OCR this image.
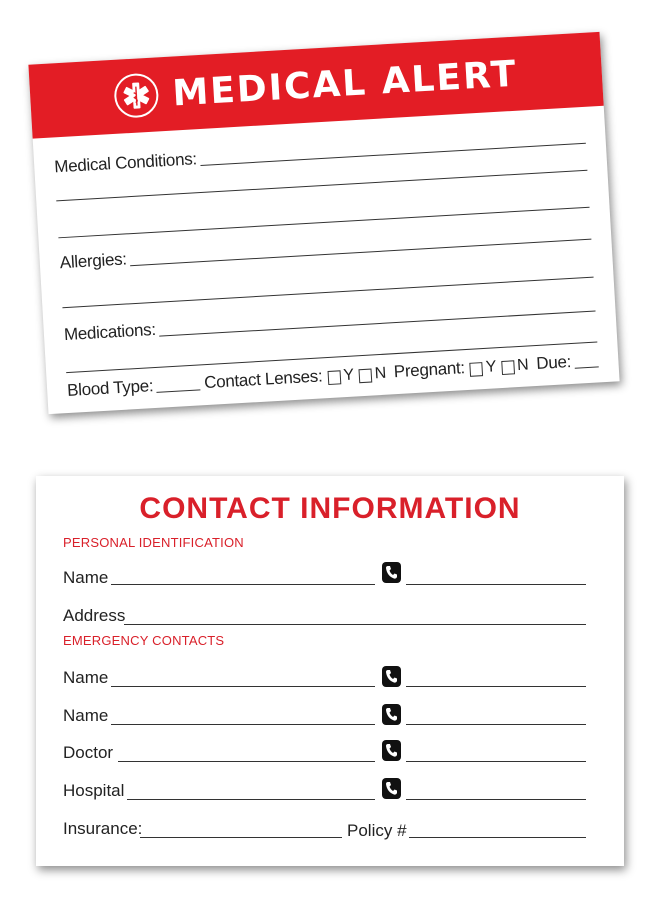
MEDICAL ALERT
Medical Conditions:
Allergies:
Medications:
Blood Type:	Contact Lenses: Y N Pregnant: Y N Due:
CONTACT INFORMATION
PERSONAL IDENTIFICATION
Name
Address
EMERGENCY CONTACTS
Name
Name
Doctor
Hospital
Insurance:	Policy #
